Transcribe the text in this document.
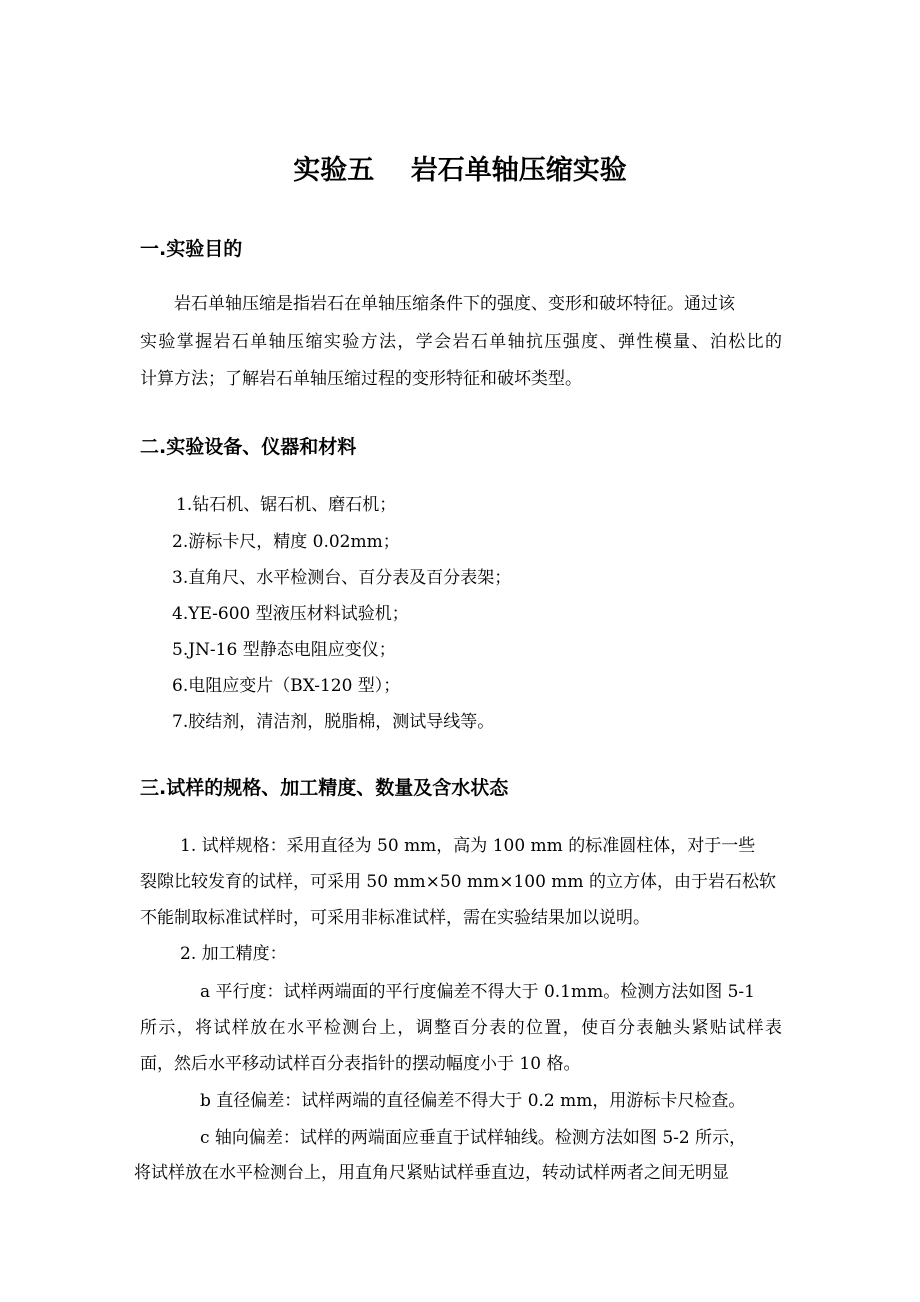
实验五　 岩石单轴压缩实验
一.实验目的
岩石单轴压缩是指岩石在单轴压缩条件下的强度、变形和破坏特征。通过该
实验掌握岩石单轴压缩实验方法，学会岩石单轴抗压强度、弹性模量、泊松比的
计算方法；了解岩石单轴压缩过程的变形特征和破坏类型。
二.实验设备、仪器和材料
1.钻石机、锯石机、磨石机；
2.游标卡尺，精度 0.02mm；
3.直角尺、水平检测台、百分表及百分表架；
4.YE-600 型液压材料试验机；
5.JN-16 型静态电阻应变仪；
6.电阻应变片（BX-120 型）；
7.胶结剂，清洁剂，脱脂棉，测试导线等。
三.试样的规格、加工精度、数量及含水状态
1. 试样规格：采用直径为 50 mm，高为 100 mm 的标准圆柱体，对于一些
裂隙比较发育的试样，可采用 50 mm×50 mm×100 mm 的立方体，由于岩石松软
不能制取标准试样时，可采用非标准试样，需在实验结果加以说明。
2. 加工精度：
a 平行度：试样两端面的平行度偏差不得大于 0.1mm。检测方法如图 5-1
所示，将试样放在水平检测台上，调整百分表的位置，使百分表触头紧贴试样表
面，然后水平移动试样百分表指针的摆动幅度小于 10 格。
b 直径偏差：试样两端的直径偏差不得大于 0.2 mm，用游标卡尺检查。
c 轴向偏差：试样的两端面应垂直于试样轴线。检测方法如图 5-2 所示，
将试样放在水平检测台上，用直角尺紧贴试样垂直边，转动试样两者之间无明显
